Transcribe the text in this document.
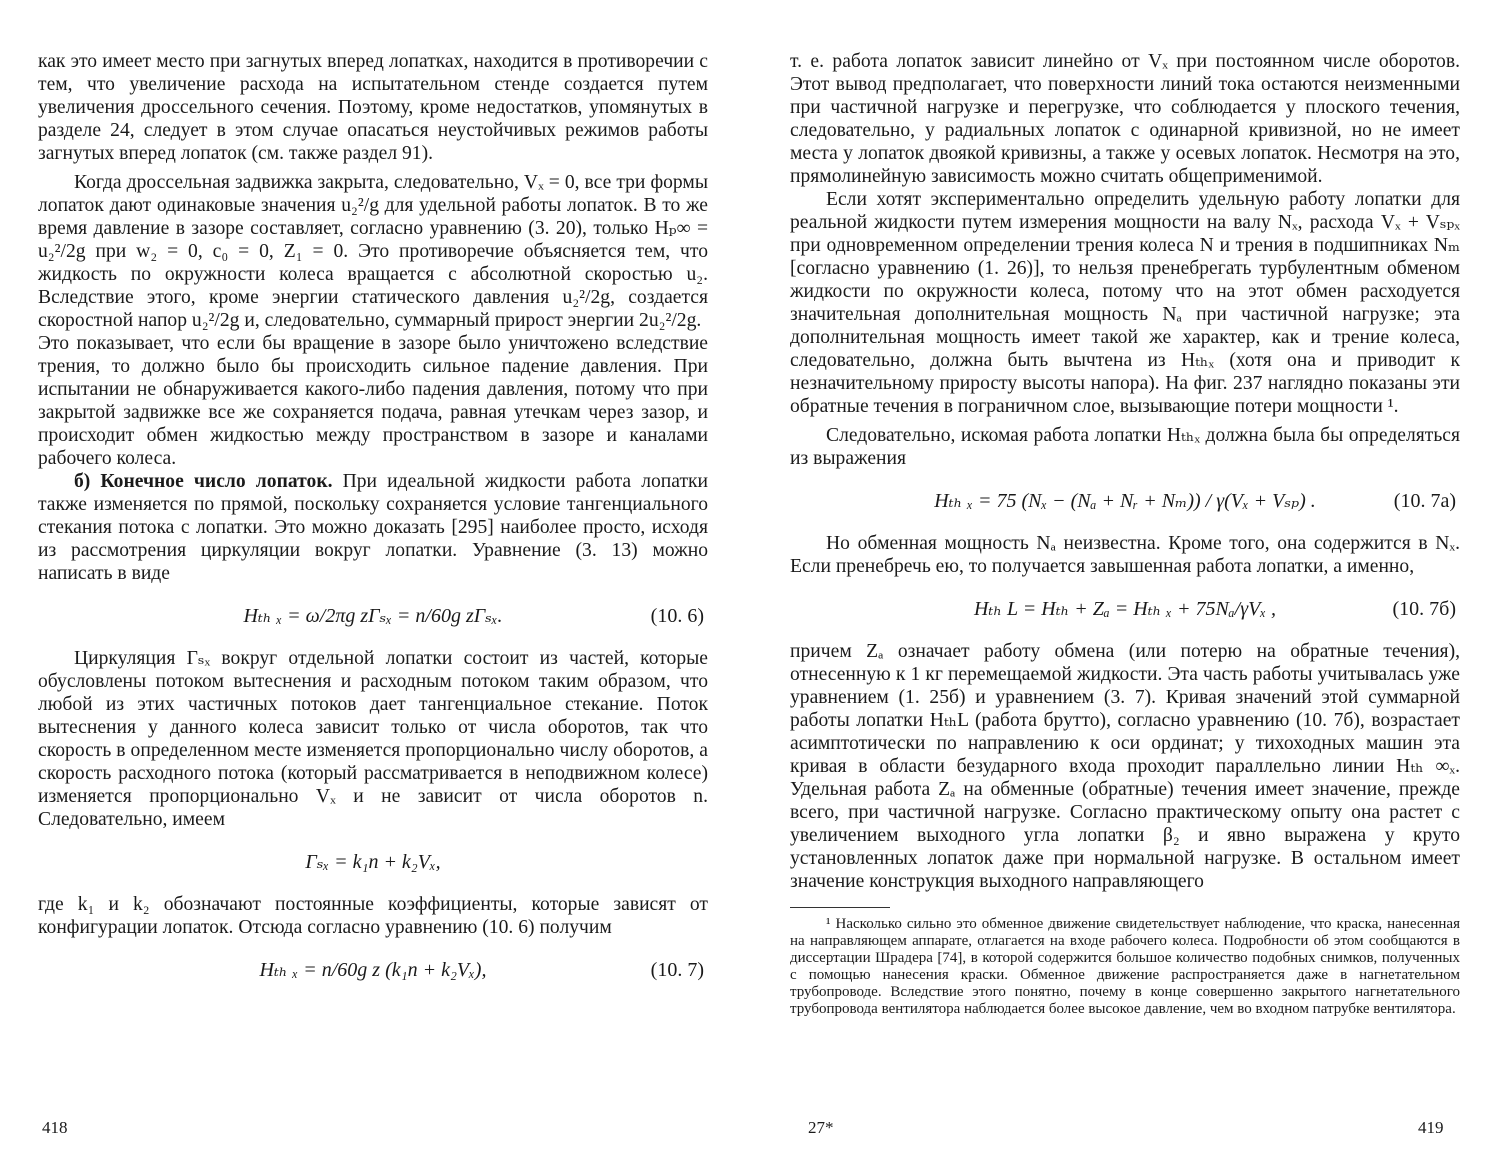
как это имеет место при загнутых вперед лопатках, находится в противоречии с тем, что увеличение расхода на испытательном стенде создается путем увеличения дроссельного сечения. Поэтому, кроме недостатков, упомянутых в разделе 24, следует в этом случае опасаться неустойчивых режимов работы загнутых вперед лопаток (см. также раздел 91).

Когда дроссельная задвижка закрыта, следовательно, Vₓ = 0, все три формы лопаток дают одинаковые значения u₂²/g для удельной работы лопаток. В то же время давление в зазоре составляет, согласно уравнению (3. 20), только Hₚ∞ = u₂²/2g при w₂ = 0, c₀ = 0, Z₁ = 0. Это противоречие объясняется тем, что жидкость по окружности колеса вращается с абсолютной скоростью u₂. Вследствие этого, кроме энергии статического давления u₂²/2g, создается скоростной напор u₂²/2g и, следовательно, суммарный прирост энергии 2u₂²/2g.

Это показывает, что если бы вращение в зазоре было уничтожено вследствие трения, то должно было бы происходить сильное падение давления. При испытании не обнаруживается какого-либо падения давления, потому что при закрытой задвижке все же сохраняется подача, равная утечкам через зазор, и происходит обмен жидкостью между пространством в зазоре и каналами рабочего колеса.

б) Конечное число лопаток. При идеальной жидкости работа лопатки также изменяется по прямой, поскольку сохраняется условие тангенциального стекания потока с лопатки. Это можно доказать [295] наиболее просто, исходя из рассмотрения циркуляции вокруг лопатки. Уравнение (3. 13) можно написать в виде

Hₜₕ ₓ = ω/2πg zΓₛₓ = n/60g zΓₛₓ.	(10. 6)

Циркуляция Γₛₓ вокруг отдельной лопатки состоит из частей, которые обусловлены потоком вытеснения и расходным потоком таким образом, что любой из этих частичных потоков дает тангенциальное стекание. Поток вытеснения у данного колеса зависит только от числа оборотов, так что скорость в определенном месте изменяется пропорционально числу оборотов, а скорость расходного потока (который рассматривается в неподвижном колесе) изменяется пропорционально Vₓ и не зависит от числа оборотов n. Следовательно, имеем

Γₛₓ = k₁n + k₂Vₓ,

где k₁ и k₂ обозначают постоянные коэффициенты, которые зависят от конфигурации лопаток. Отсюда согласно уравнению (10. 6) получим

Hₜₕ ₓ = n/60g z (k₁n + k₂Vₓ),	(10. 7)
418

т. е. работа лопаток зависит линейно от Vₓ при постоянном числе оборотов. Этот вывод предполагает, что поверхности линий тока остаются неизменными при частичной нагрузке и перегрузке, что соблюдается у плоского течения, следовательно, у радиальных лопаток с одинарной кривизной, но не имеет места у лопаток двоякой кривизны, а также у осевых лопаток. Несмотря на это, прямолинейную зависимость можно считать общеприменимой.

Если хотят экспериментально определить удельную работу лопатки для реальной жидкости путем измерения мощности на валу Nₓ, расхода Vₓ + Vₛₚₓ при одновременном определении трения колеса N и трения в подшипниках Nₘ [согласно уравнению (1. 26)], то нельзя пренебрегать турбулентным обменом жидкости по окружности колеса, потому что на этот обмен расходуется значительная дополнительная мощность Nₐ при частичной нагрузке; эта дополнительная мощность имеет такой же характер, как и трение колеса, следовательно, должна быть вычтена из Hₜₕₓ (хотя она и приводит к незначительному приросту высоты напора). На фиг. 237 наглядно показаны эти обратные течения в пограничном слое, вызывающие потери мощности ¹.

Следовательно, искомая работа лопатки Hₜₕₓ должна была бы определяться из выражения

Hₜₕ ₓ = 75 (Nₓ − (Nₐ + Nᵣ + Nₘ)) / γ(Vₓ + Vₛₚ) .	(10. 7а)

Но обменная мощность Nₐ неизвестна. Кроме того, она содержится в Nₓ. Если пренебречь ею, то получается завышенная работа лопатки, а именно,

Hₜₕ L = Hₜₕ + Zₐ = Hₜₕ ₓ + 75Nₐ/γVₓ ,	(10. 7б)

причем Zₐ означает работу обмена (или потерю на обратные течения), отнесенную к 1 кг перемещаемой жидкости. Эта часть работы учитывалась уже уравнением (1. 25б) и уравнением (3. 7). Кривая значений этой суммарной работы лопатки HₜₕL (работа брутто), согласно уравнению (10. 7б), возрастает асимптотически по направлению к оси ординат; у тихоходных машин эта кривая в области безударного входа проходит параллельно линии Hₜₕ ∞ₓ. Удельная работа Zₐ на обменные (обратные) течения имеет значение, прежде всего, при частичной нагрузке. Согласно практическому опыту она растет с увеличением выходного угла лопатки β₂ и явно выражена у круто установленных лопаток даже при нормальной нагрузке. В остальном имеет значение конструкция выходного направляющего

¹ Насколько сильно это обменное движение свидетельствует наблюдение, что краска, нанесенная на направляющем аппарате, отлагается на входе рабочего колеса. Подробности об этом сообщаются в диссертации Шрадера [74], в которой содержится большое количество подобных снимков, полученных с помощью нанесения краски. Обменное движение распространяется даже в нагнетательном трубопроводе. Вследствие этого понятно, почему в конце совершенно закрытого нагнетательного трубопровода вентилятора наблюдается более высокое давление, чем во входном патрубке вентилятора.

27*	419
